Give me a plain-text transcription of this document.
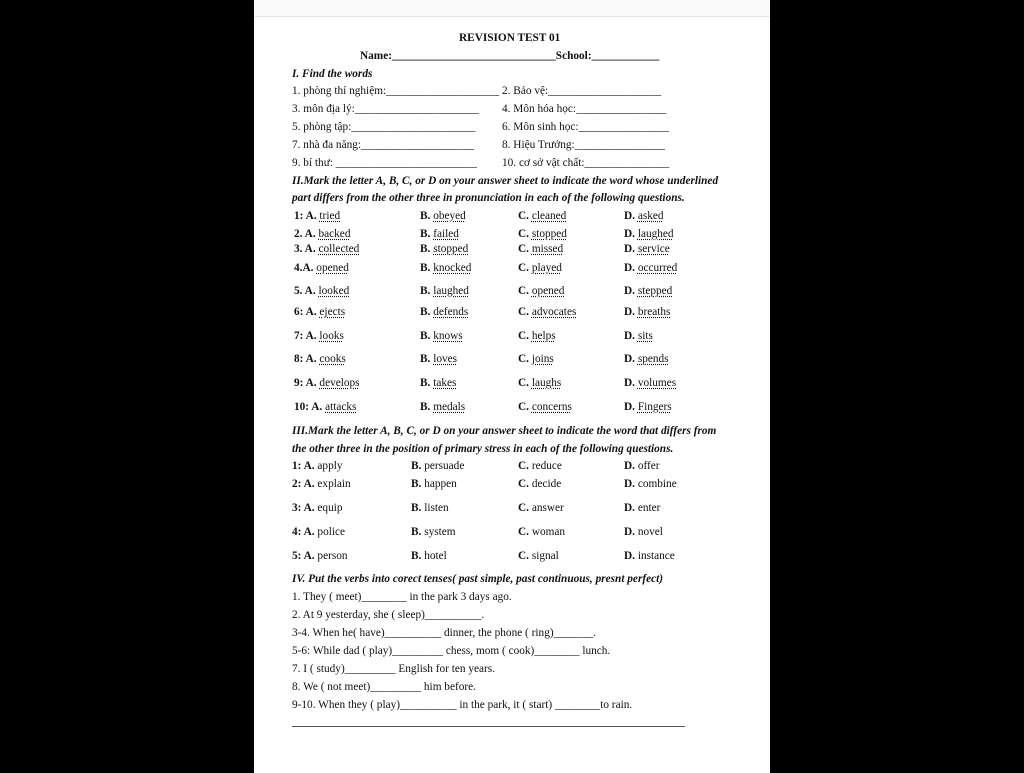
REVISION TEST 01
Name:_____________________________School:____________
I. Find the words
1. phòng thí nghiệm:____________________ 2. Bảo vệ:____________________
3. môn địa lý:______________________ 4. Môn hóa học:________________
5. phòng tập:______________________ 6. Môn sinh học:________________
7. nhà đa năng:____________________ 8. Hiệu Trưởng:________________
9. bí thư: _________________________ 10. cơ sở vật chất:_______________
II.Mark the letter A, B, C, or D on your answer sheet to indicate the word whose underlined
part differs from the other three in pronunciation in each of the following questions.
1: A. tried	B. obeyed	C. cleaned	D. asked
2. A. backed	B. failed	C. stopped	D. laughed
3. A. collected	B. stopped	C. missed	D. service
4.A. opened	B. knocked	C. played	D. occurred
5. A. looked	B. laughed	C. opened	D. stepped
6: A. ejects	B. defends	C. advocates	D. breaths
7: A. looks	B. knows	C. helps	D. sits
8: A. cooks	B. loves	C. joins	D. spends
9: A. develops	B. takes	C. laughs	D. volumes
10: A. attacks	B. medals	C. concerns	D. Fingers
III.Mark the letter A, B, C, or D on your answer sheet to indicate the word that differs from
the other three in the position of primary stress in each of the following questions.
1: A. apply	B. persuade	C. reduce	D. offer
2: A. explain	B. happen	C. decide	D. combine
3: A. equip	B. listen	C. answer	D. enter
4: A. police	B. system	C. woman	D. novel
5: A. person	B. hotel	C. signal	D. instance
IV. Put the verbs into corect tenses( past simple, past continuous, presnt perfect)
1. They ( meet)________ in the park 3 days ago.
2. At 9 yesterday, she ( sleep)__________.
3-4. When he( have)__________ dinner, the phone ( ring)_______.
5-6: While dad ( play)_________ chess, mom ( cook)________ lunch.
7. I ( study)_________ English for ten years.
8. We ( not meet)_________ him before.
9-10. When they ( play)__________ in the park, it ( start) ________to rain.
